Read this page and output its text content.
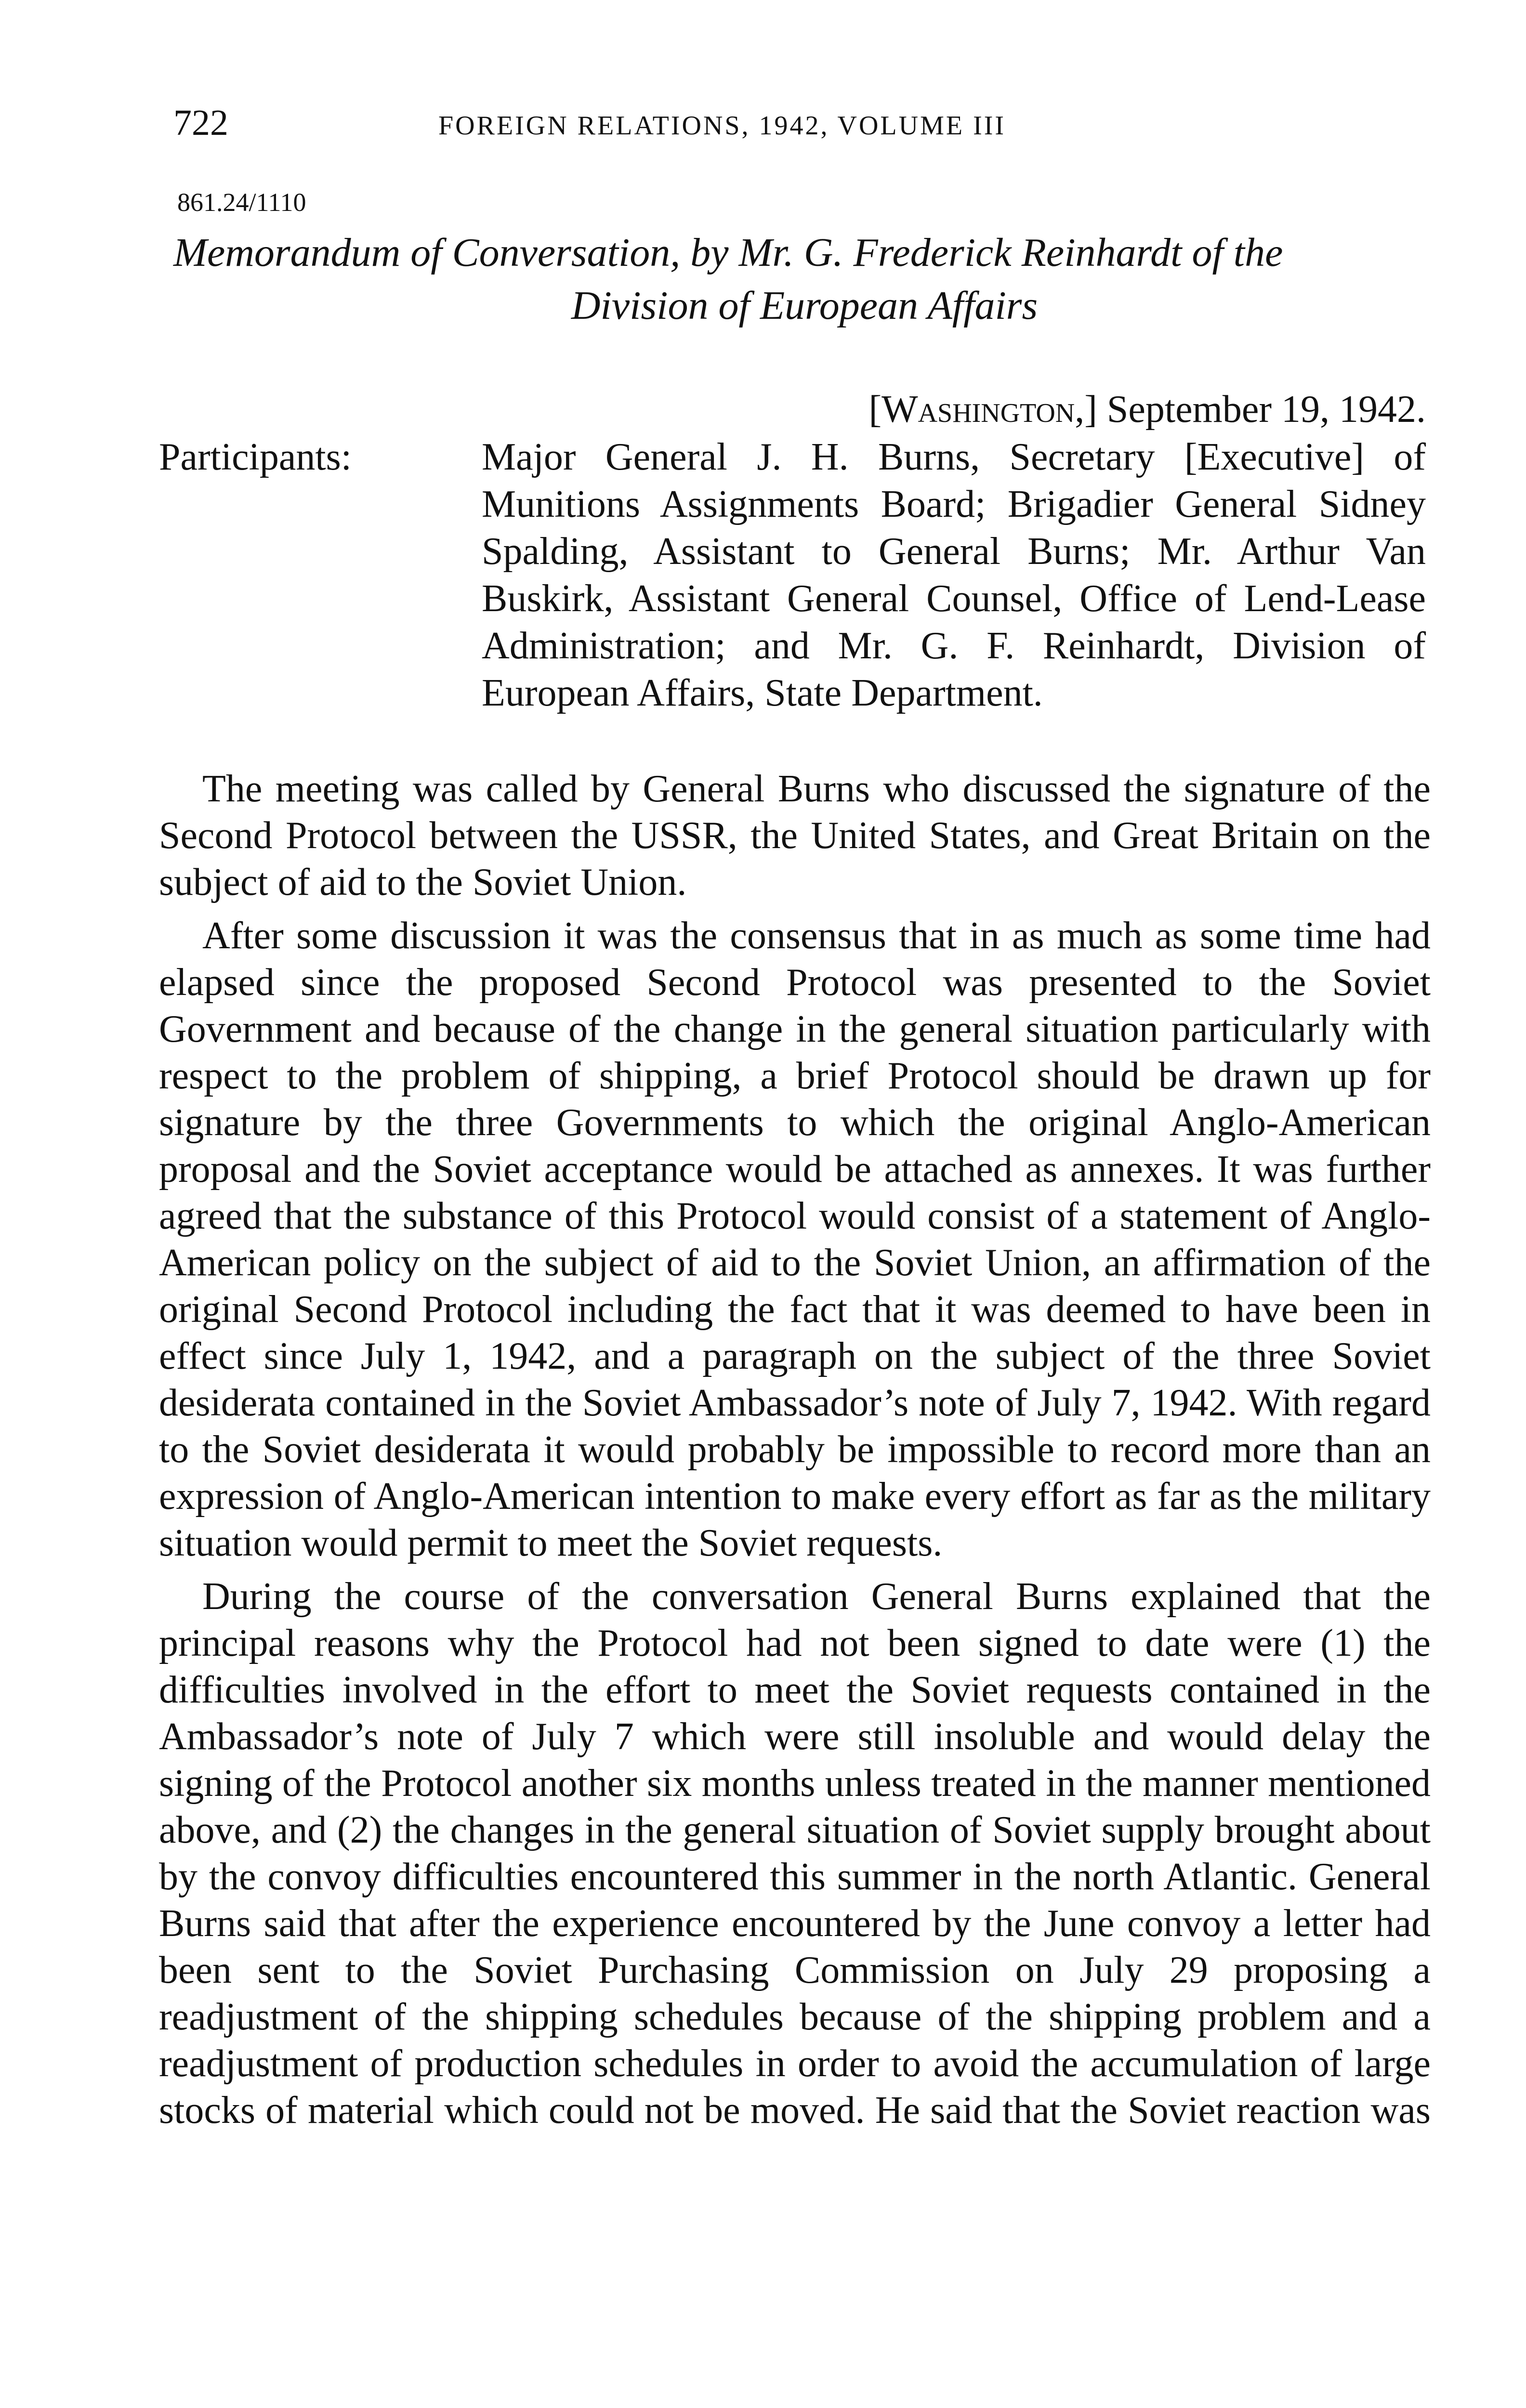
722	FOREIGN RELATIONS, 1942, VOLUME III
861.24/1110
Memorandum of Conversation, by Mr. G. Frederick Reinhardt of the
Division of European Affairs
[Washington,] September 19, 1942.
Participants:	Major General J. H. Burns, Secretary [Executive] of Munitions Assignments Board; Brigadier General Sidney Spalding, Assistant to General Burns; Mr. Arthur Van Buskirk, Assistant General Counsel, Office of Lend-Lease Administration; and Mr. G. F. Reinhardt, Division of European Affairs, State Department.

The meeting was called by General Burns who discussed the signature of the Second Protocol between the USSR, the United States, and Great Britain on the subject of aid to the Soviet Union.

After some discussion it was the consensus that in as much as some time had elapsed since the proposed Second Protocol was presented to the Soviet Government and because of the change in the general situation particularly with respect to the problem of shipping, a brief Protocol should be drawn up for signature by the three Governments to which the original Anglo-American proposal and the Soviet acceptance would be attached as annexes. It was further agreed that the substance of this Protocol would consist of a statement of Anglo-American policy on the subject of aid to the Soviet Union, an affirmation of the original Second Protocol including the fact that it was deemed to have been in effect since July 1, 1942, and a paragraph on the subject of the three Soviet desiderata contained in the Soviet Ambassador’s note of July 7, 1942. With regard to the Soviet desiderata it would probably be impossible to record more than an expression of Anglo-American intention to make every effort as far as the military situation would permit to meet the Soviet requests.

During the course of the conversation General Burns explained that the principal reasons why the Protocol had not been signed to date were (1) the difficulties involved in the effort to meet the Soviet requests contained in the Ambassador’s note of July 7 which were still insoluble and would delay the signing of the Protocol another six months unless treated in the manner mentioned above, and (2) the changes in the general situation of Soviet supply brought about by the convoy difficulties encountered this summer in the north Atlantic. General Burns said that after the experience encountered by the June convoy a letter had been sent to the Soviet Purchasing Commission on July 29 proposing a readjustment of the shipping schedules because of the shipping problem and a readjustment of production schedules in order to avoid the accumulation of large stocks of material which could not be moved. He said that the Soviet reaction was
